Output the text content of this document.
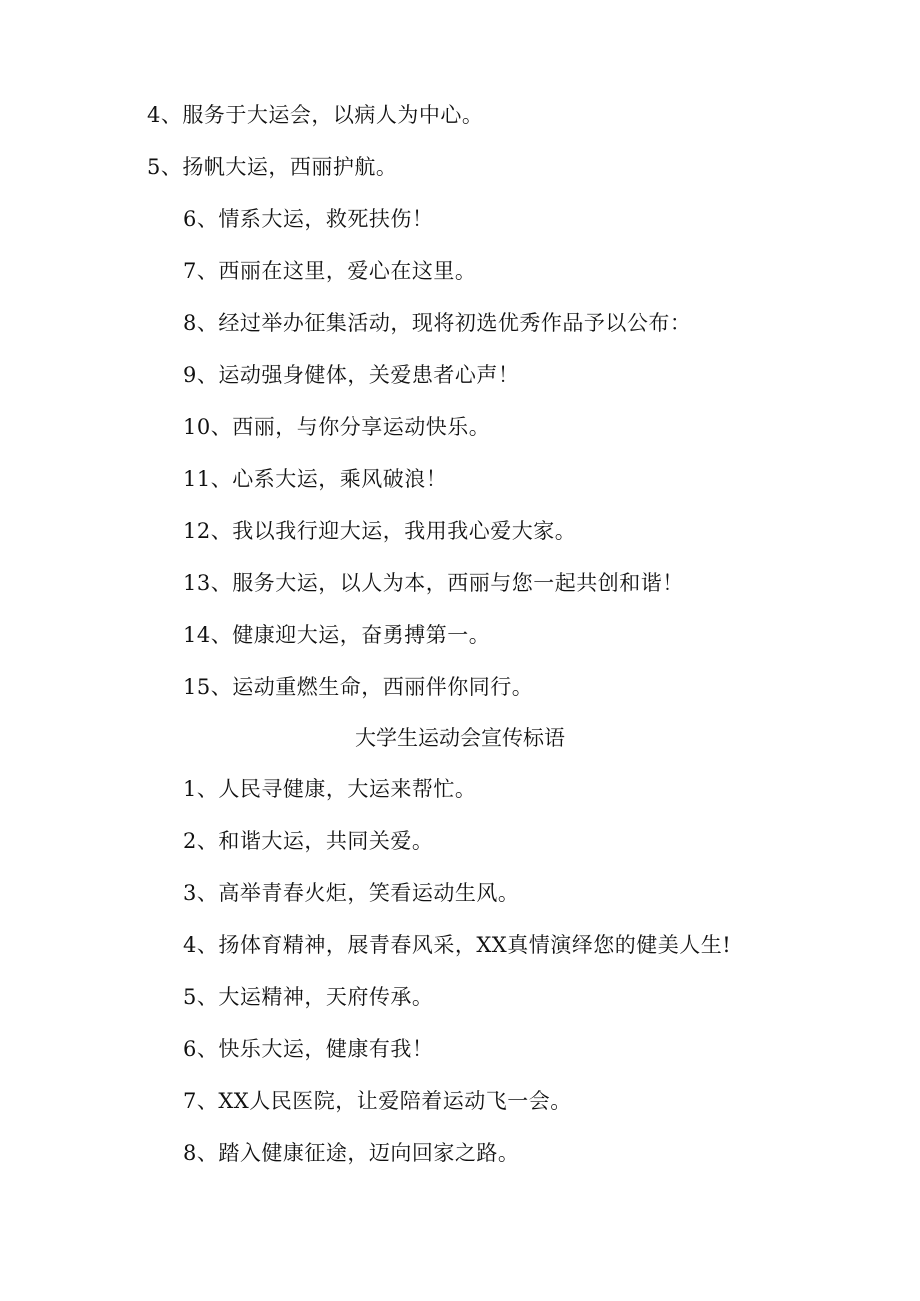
4、服务于大运会，以病人为中心。
5、扬帆大运，西丽护航。
6、情系大运，救死扶伤！
7、西丽在这里，爱心在这里。
8、经过举办征集活动，现将初选优秀作品予以公布：
9、运动强身健体，关爱患者心声！
10、西丽，与你分享运动快乐。
11、心系大运，乘风破浪！
12、我以我行迎大运，我用我心爱大家。
13、服务大运，以人为本，西丽与您一起共创和谐！
14、健康迎大运，奋勇搏第一。
15、运动重燃生命，西丽伴你同行。
大学生运动会宣传标语
1、人民寻健康，大运来帮忙。
2、和谐大运，共同关爱。
3、高举青春火炬，笑看运动生风。
4、扬体育精神，展青春风采，XX真情演绎您的健美人生!
5、大运精神，天府传承。
6、快乐大运，健康有我！
7、XX人民医院，让爱陪着运动飞一会。
8、踏入健康征途，迈向回家之路。
